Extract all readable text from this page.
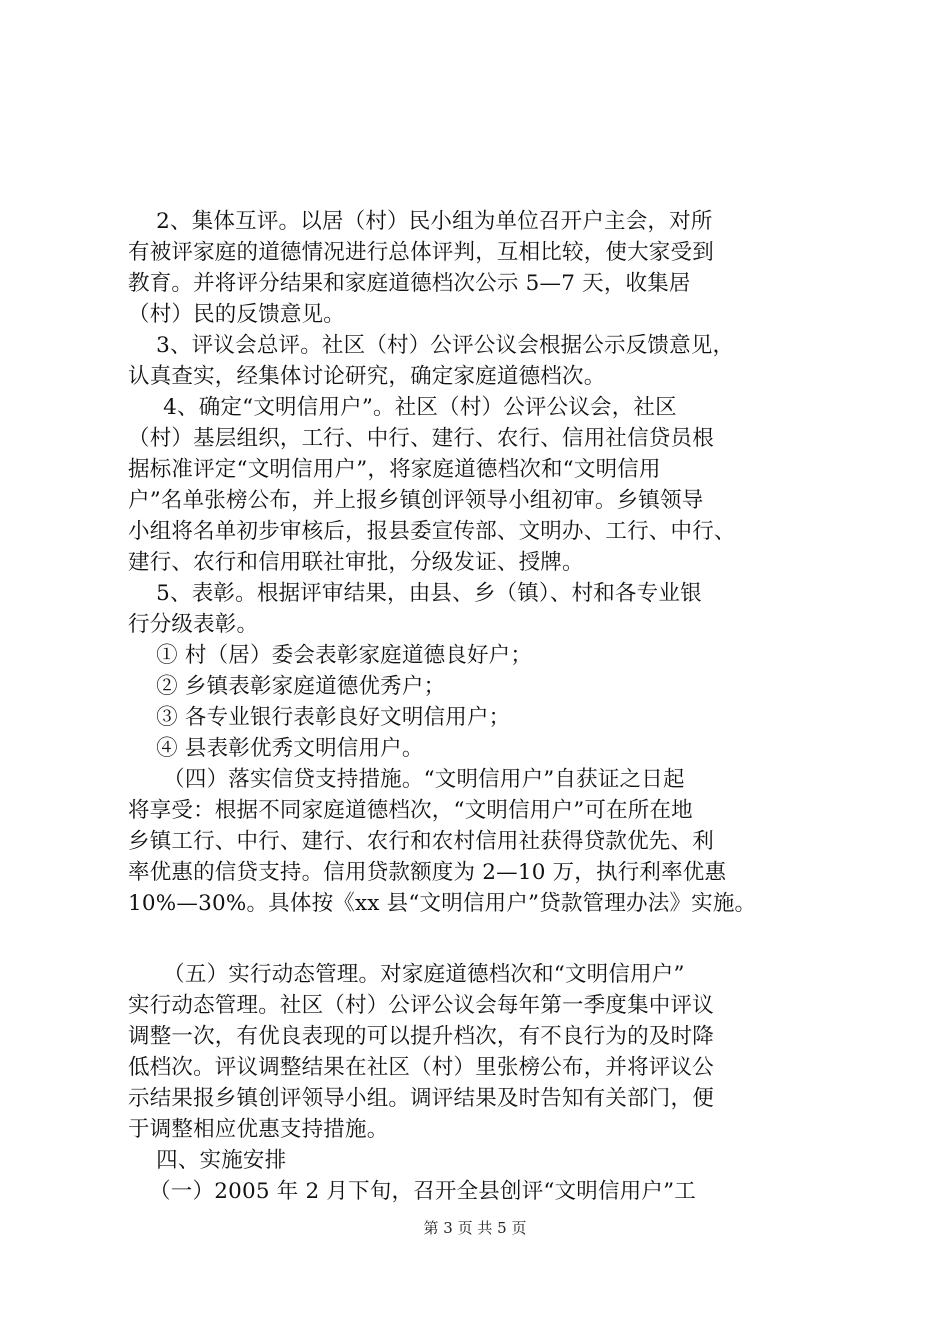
2、集体互评。以居（村）民小组为单位召开户主会，对所
有被评家庭的道德情况进行总体评判，互相比较，使大家受到
教育。并将评分结果和家庭道德档次公示 5—7 天，收集居
（村）民的反馈意见。
3、评议会总评。社区（村）公评公议会根据公示反馈意见，
认真查实，经集体讨论研究，确定家庭道德档次。
4、确定“文明信用户”。社区（村）公评公议会，社区
（村）基层组织，工行、中行、建行、农行、信用社信贷员根
据标准评定“文明信用户”，将家庭道德档次和“文明信用
户”名单张榜公布，并上报乡镇创评领导小组初审。乡镇领导
小组将名单初步审核后，报县委宣传部、文明办、工行、中行、
建行、农行和信用联社审批，分级发证、授牌。
5、表彰。根据评审结果，由县、乡（镇）、村和各专业银
行分级表彰。
① 村（居）委会表彰家庭道德良好户；
② 乡镇表彰家庭道德优秀户；
③ 各专业银行表彰良好文明信用户；
④ 县表彰优秀文明信用户。
（四）落实信贷支持措施。“文明信用户”自获证之日起
将享受：根据不同家庭道德档次，“文明信用户”可在所在地
乡镇工行、中行、建行、农行和农村信用社获得贷款优先、利
率优惠的信贷支持。信用贷款额度为 2—10 万，执行利率优惠
10%—30%。具体按《xx 县“文明信用户”贷款管理办法》实施。
（五）实行动态管理。对家庭道德档次和“文明信用户”
实行动态管理。社区（村）公评公议会每年第一季度集中评议
调整一次，有优良表现的可以提升档次，有不良行为的及时降
低档次。评议调整结果在社区（村）里张榜公布，并将评议公
示结果报乡镇创评领导小组。调评结果及时告知有关部门，便
于调整相应优惠支持措施。
四、实施安排
（一）2005 年 2 月下旬，召开全县创评“文明信用户”工
第 3 页 共 5 页
